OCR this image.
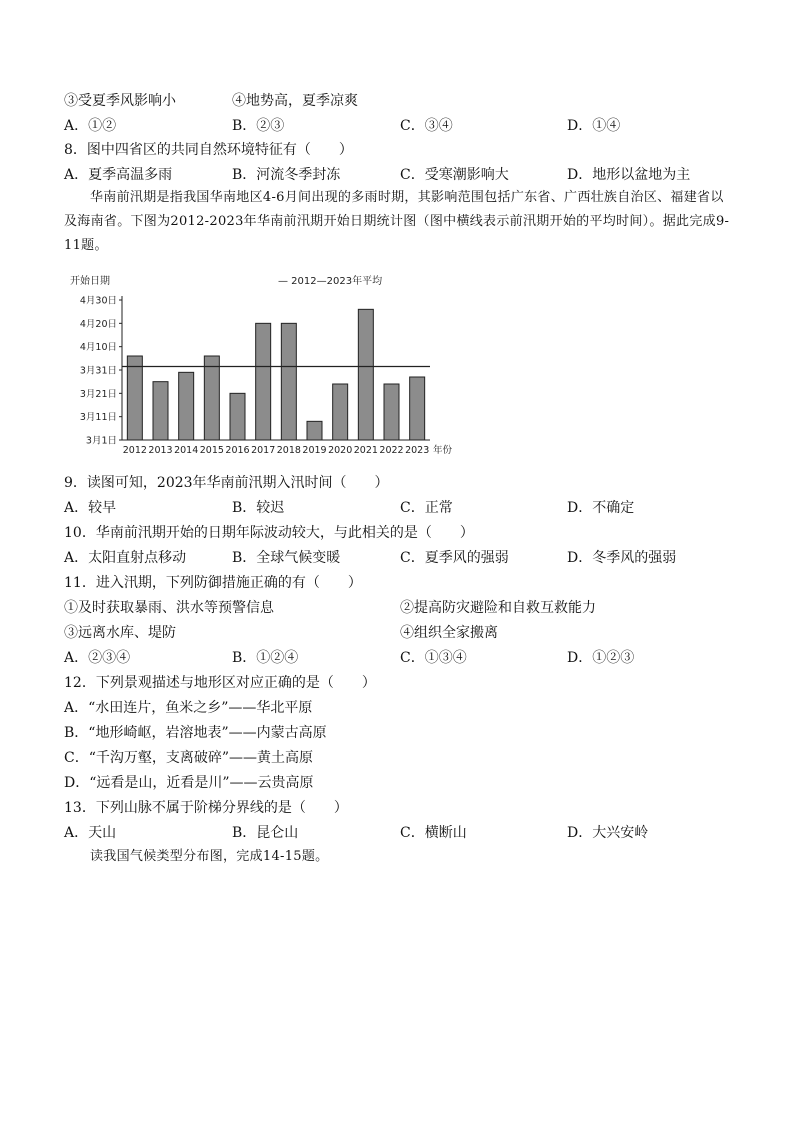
③受夏季风影响小	④地势高，夏季凉爽
A．①②	B．②③	C．③④	D．①④
8．图中四省区的共同自然环境特征有（　　）
A．夏季高温多雨	B．河流冬季封冻	C．受寒潮影响大	D．地形以盆地为主
华南前汛期是指我国华南地区4-6月间出现的多雨时期，其影响范围包括广东省、广西壮族自治区、福建省以及海南省。下图为2012-2023年华南前汛期开始日期统计图（图中横线表示前汛期开始的平均时间）。据此完成9-11题。
开始日期	— 2012—2023年平均
3月1日
3月11日
3月21日
3月31日
4月10日
4月20日
4月30日
2012 2013 2014 2015 2016 2017 2018 2019 2020 2021 2022 2023 年份
9．读图可知，2023年华南前汛期入汛时间（　　）
A．较早	B．较迟	C．正常	D．不确定
10．华南前汛期开始的日期年际波动较大，与此相关的是（　　）
A．太阳直射点移动	B．全球气候变暖	C．夏季风的强弱	D．冬季风的强弱
11．进入汛期，下列防御措施正确的有（　　）
①及时获取暴雨、洪水等预警信息	②提高防灾避险和自救互救能力
③远离水库、堤防	④组织全家搬离
A．②③④	B．①②④	C．①③④	D．①②③
12．下列景观描述与地形区对应正确的是（　　）
A．“水田连片，鱼米之乡”——华北平原
B．“地形崎岖，岩溶地表”——内蒙古高原
C．“千沟万壑，支离破碎”——黄土高原
D．“远看是山，近看是川”——云贵高原
13．下列山脉不属于阶梯分界线的是（　　）
A．天山	B．昆仑山	C．横断山	D．大兴安岭
读我国气候类型分布图，完成14-15题。
